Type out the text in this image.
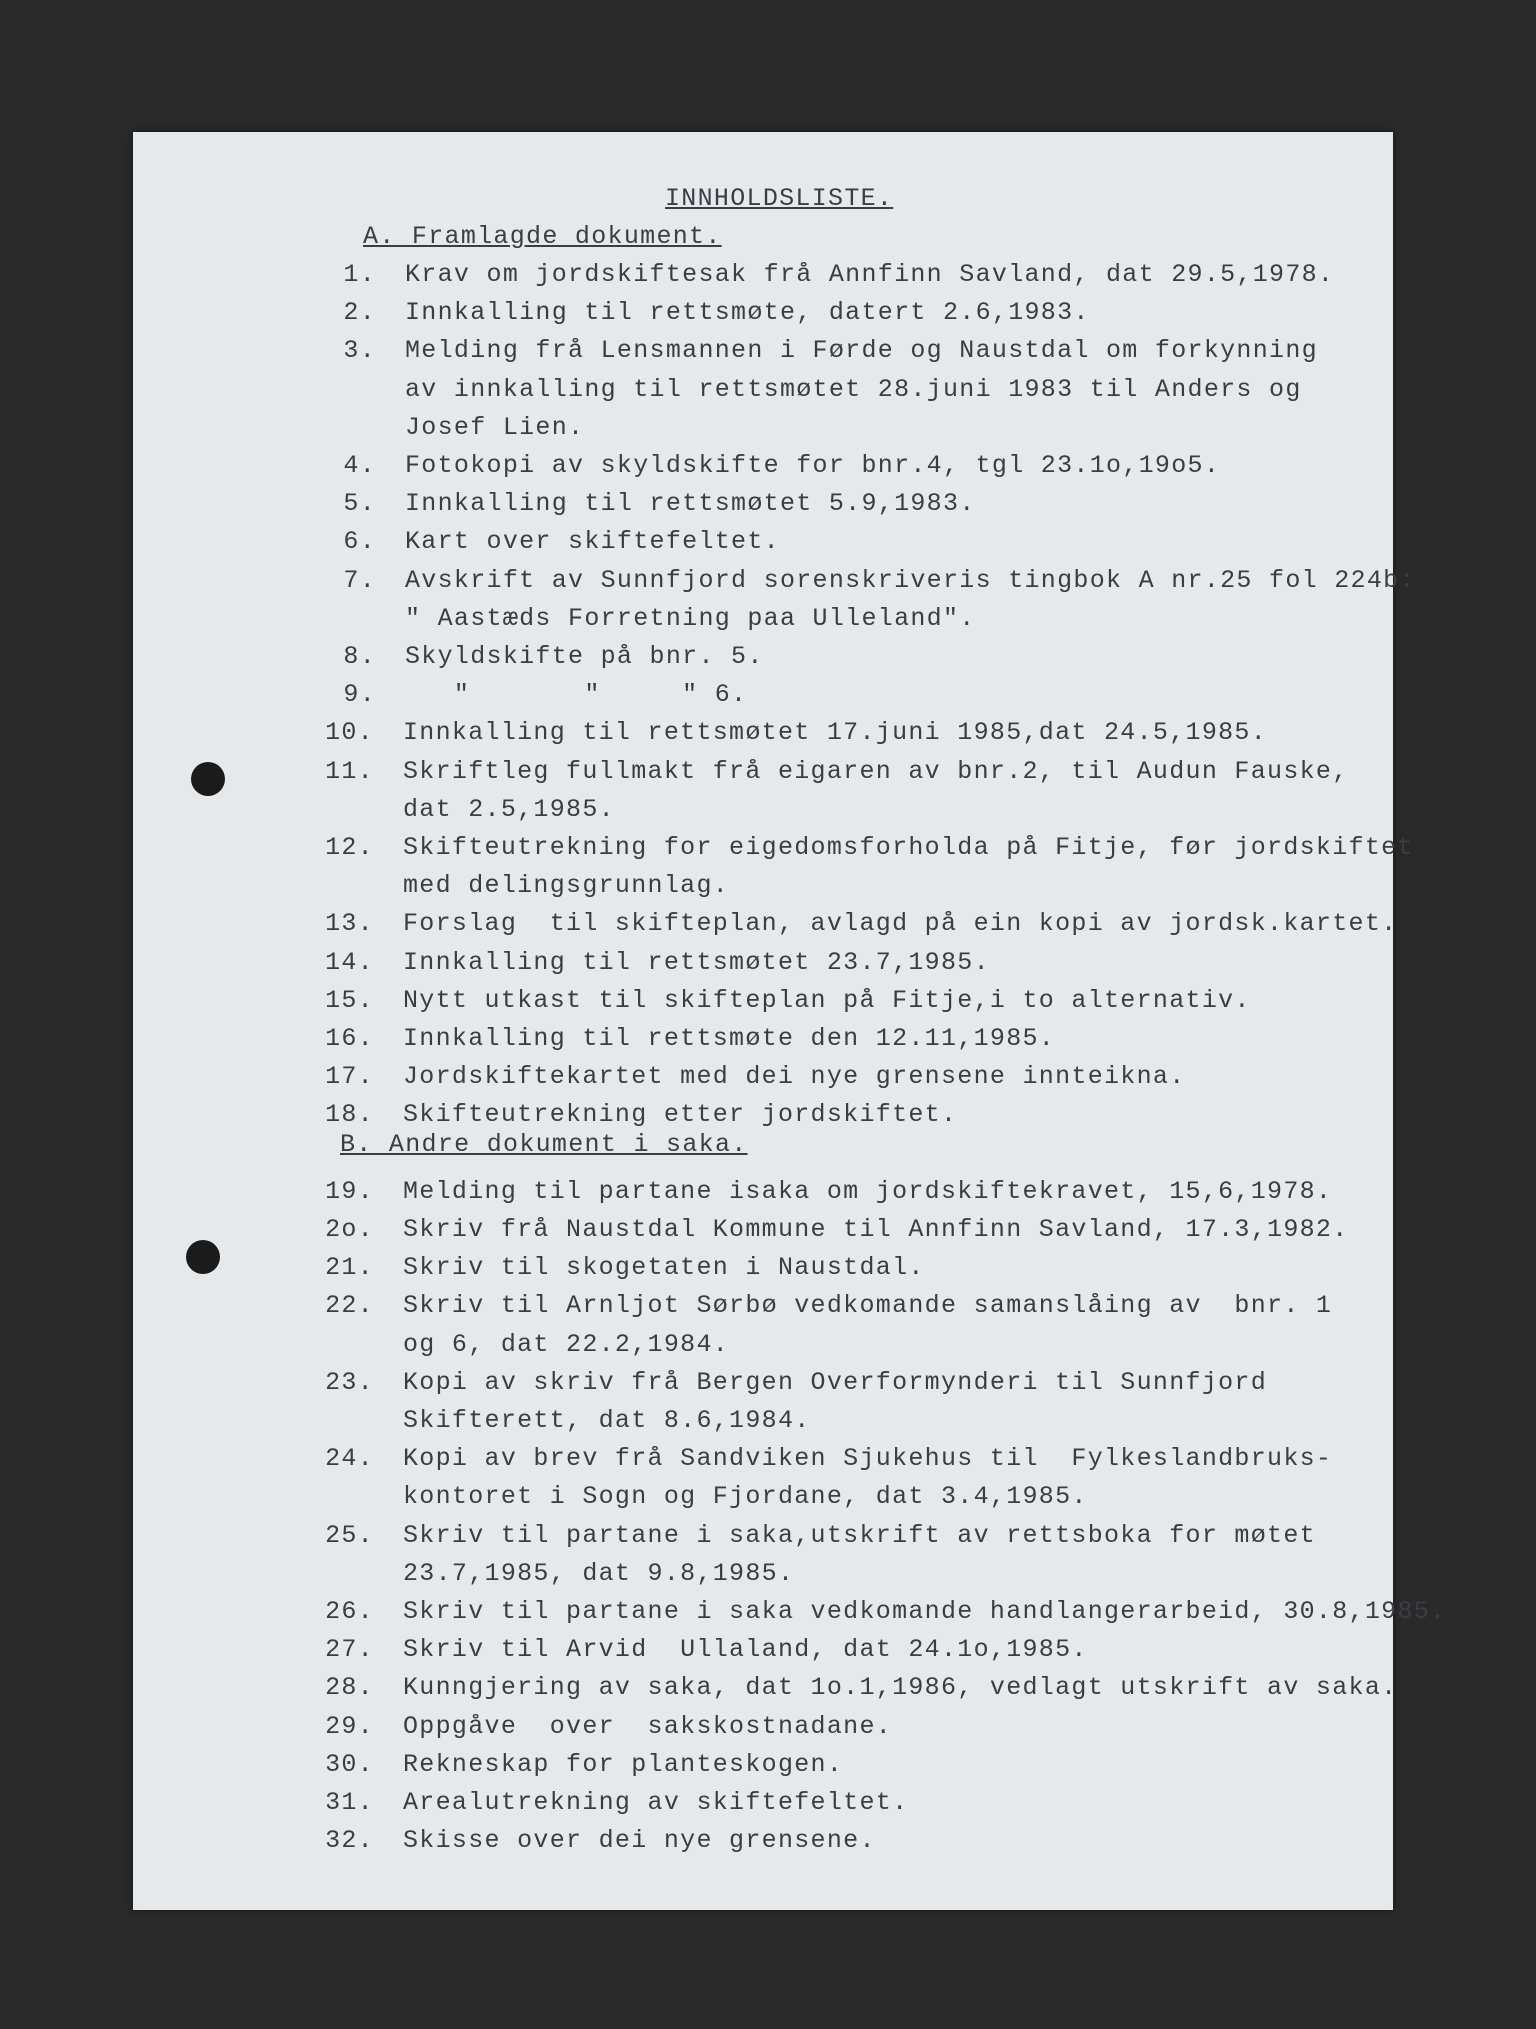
INNHOLDSLISTE.
A. Framlagde dokument.
B. Andre dokument i saka.
1. Krav om jordskiftesak frå Annfinn Savland, dat 29.5,1978.
2. Innkalling til rettsmøte, datert 2.6,1983.
3. Melding frå Lensmannen i Førde og Naustdal om forkynning
av innkalling til rettsmøtet 28.juni 1983 til Anders og
Josef Lien.
4. Fotokopi av skyldskifte for bnr.4, tgl 23.1o,19o5.
5. Innkalling til rettsmøtet 5.9,1983.
6. Kart over skiftefeltet.
7. Avskrift av Sunnfjord sorenskriveris tingbok A nr.25 fol 224b:
" Aastæds Forretning paa Ulleland".
8. Skyldskifte på bnr. 5.
9. "       "     " 6.
10. Innkalling til rettsmøtet 17.juni 1985,dat 24.5,1985.
11. Skriftleg fullmakt frå eigaren av bnr.2, til Audun Fauske,
dat 2.5,1985.
12. Skifteutrekning for eigedomsforholda på Fitje, før jordskiftet
med delingsgrunnlag.
13. Forslag  til skifteplan, avlagd på ein kopi av jordsk.kartet.
14. Innkalling til rettsmøtet 23.7,1985.
15. Nytt utkast til skifteplan på Fitje,i to alternativ.
16. Innkalling til rettsmøte den 12.11,1985.
17. Jordskiftekartet med dei nye grensene innteikna.
18. Skifteutrekning etter jordskiftet.
19. Melding til partane isaka om jordskiftekravet, 15,6,1978.
2o. Skriv frå Naustdal Kommune til Annfinn Savland, 17.3,1982.
21. Skriv til skogetaten i Naustdal.
22. Skriv til Arnljot Sørbø vedkomande samanslåing av  bnr. 1
og 6, dat 22.2,1984.
23. Kopi av skriv frå Bergen Overformynderi til Sunnfjord
Skifterett, dat 8.6,1984.
24. Kopi av brev frå Sandviken Sjukehus til  Fylkeslandbruks-
kontoret i Sogn og Fjordane, dat 3.4,1985.
25. Skriv til partane i saka,utskrift av rettsboka for møtet
23.7,1985, dat 9.8,1985.
26. Skriv til partane i saka vedkomande handlangerarbeid, 30.8,1985.
27. Skriv til Arvid  Ullaland, dat 24.1o,1985.
28. Kunngjering av saka, dat 1o.1,1986, vedlagt utskrift av saka.
29. Oppgåve  over  sakskostnadane.
30. Rekneskap for planteskogen.
31. Arealutrekning av skiftefeltet.
32. Skisse over dei nye grensene.
